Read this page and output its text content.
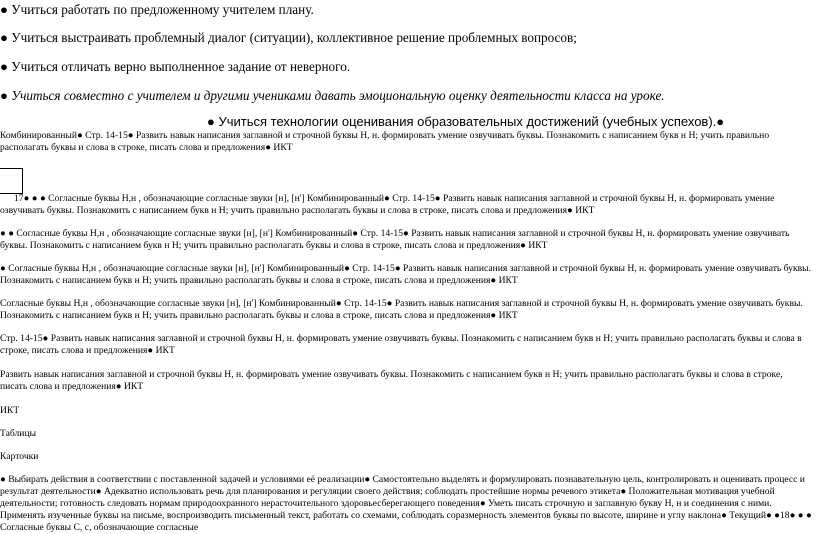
● Учиться работать по предложенному учителем плану.
● Учиться выстраивать проблемный диалог (ситуации), коллективное решение проблемных вопросов;
● Учиться отличать верно выполненное задание от неверного.
● Учиться совместно с учителем и другими учениками давать эмоциональную оценку деятельности класса на уроке.
● Учиться технологии оценивания образовательных достижений (учебных успехов).●
Комбинированный● Стр. 14-15● Развить навык написания заглавной и строчной буквы Н, н. формировать умение озвучивать буквы. Познакомить с написанием букв н Н; учить правильно располагать буквы и слова в строке, писать слова и предложения● ИКТ
17● ● ● Согласные буквы Н,н , обозначающие согласные звуки [н], [н'] Комбинированный● Стр. 14-15● Развить навык написания заглавной и строчной буквы Н, н. формировать умение озвучивать буквы. Познакомить с написанием букв н Н; учить правильно располагать буквы и слова в строке, писать слова и предложения● ИКТ
● ● Согласные буквы Н,н , обозначающие согласные звуки [н], [н'] Комбинированный● Стр. 14-15● Развить навык написания заглавной и строчной буквы Н, н. формировать умение озвучивать буквы. Познакомить с написанием букв н Н; учить правильно располагать буквы и слова в строке, писать слова и предложения● ИКТ
● Согласные буквы Н,н , обозначающие согласные звуки [н], [н'] Комбинированный● Стр. 14-15● Развить навык написания заглавной и строчной буквы Н, н. формировать умение озвучивать буквы. Познакомить с написанием букв н Н; учить правильно располагать буквы и слова в строке, писать слова и предложения● ИКТ
Согласные буквы Н,н , обозначающие согласные звуки [н], [н'] Комбинированный● Стр. 14-15● Развить навык написания заглавной и строчной буквы Н, н. формировать умение озвучивать буквы. Познакомить с написанием букв н Н; учить правильно располагать буквы и слова в строке, писать слова и предложения● ИКТ
Стр. 14-15● Развить навык написания заглавной и строчной буквы Н, н. формировать умение озвучивать буквы. Познакомить с написанием букв н Н; учить правильно располагать буквы и слова в строке, писать слова и предложения● ИКТ
Развить навык написания заглавной и строчной буквы Н, н. формировать умение озвучивать буквы. Познакомить с написанием букв н Н; учить правильно располагать буквы и слова в строке, писать слова и предложения● ИКТ
ИКТ
Таблицы
Карточки
● Выбирать действия в соответствии с поставленной задачей и условиями её реализации● Самостоятельно выделять и формулировать познавательную цель, контролировать и оценивать процесс и результат деятельности● Адекватно использовать речь для планирования и регуляции своего действия; соблюдать простейшие нормы речевого этикета● Положительная мотивация учебной деятельности; готовность следовать нормам природоохранного нерасточительного здоровьесберегающего поведения● Уметь писать строчную и заглавную букву Н, н и соединения с ними. Применять изученные буквы на письме, воспроизводить письменный текст, работать со схемами, соблюдать соразмерность элементов буквы по высоте, ширине и углу наклона● Текущий● ●18● ● ● Согласные буквы С, с, обозначающие согласные
